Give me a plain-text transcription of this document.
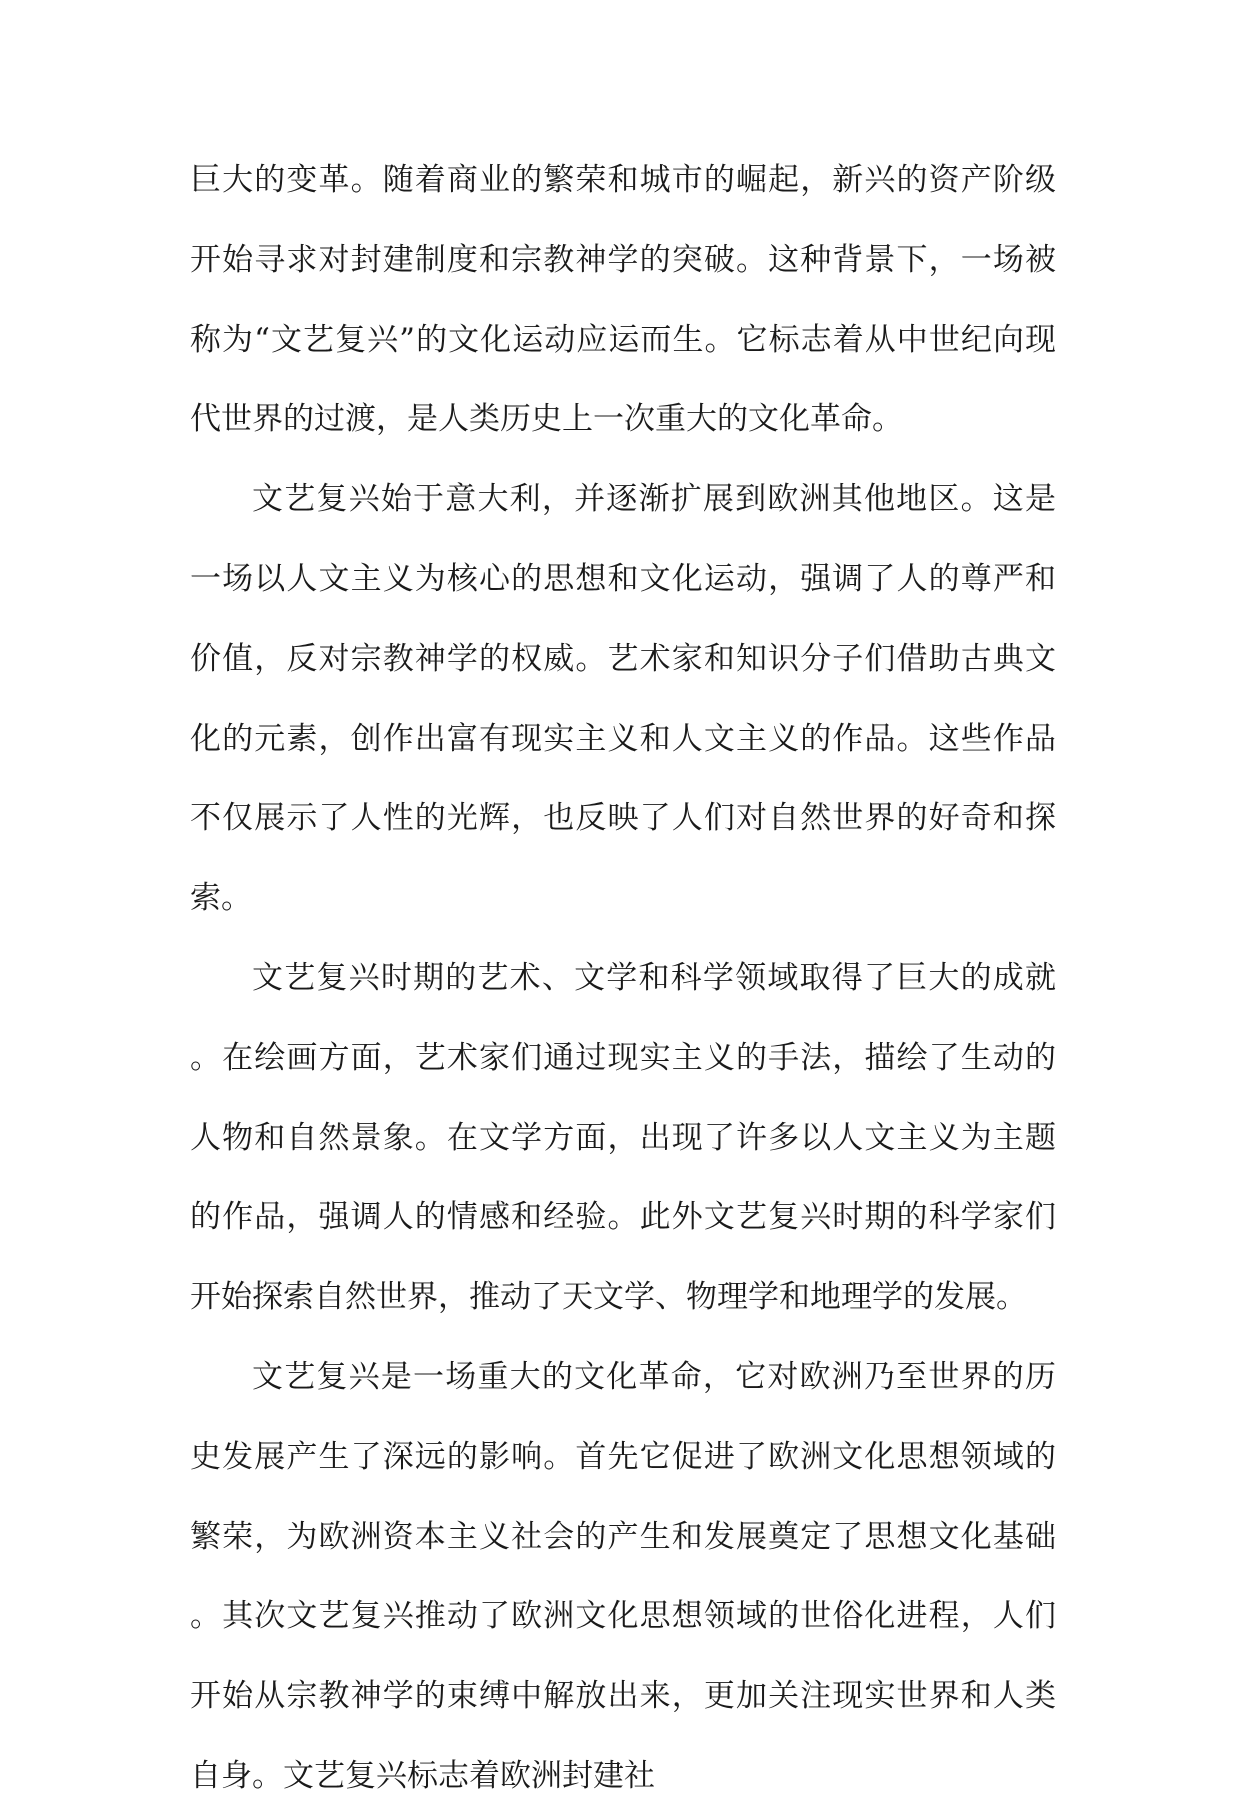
巨大的变革。随着商业的繁荣和城市的崛起，新兴的资产阶级开始寻求对封建制度和宗教神学的突破。这种背景下，一场被称为“文艺复兴”的文化运动应运而生。它标志着从中世纪向现代世界的过渡，是人类历史上一次重大的文化革命。

文艺复兴始于意大利，并逐渐扩展到欧洲其他地区。这是一场以人文主义为核心的思想和文化运动，强调了人的尊严和价值，反对宗教神学的权威。艺术家和知识分子们借助古典文化的元素，创作出富有现实主义和人文主义的作品。这些作品不仅展示了人性的光辉，也反映了人们对自然世界的好奇和探索。

文艺复兴时期的艺术、文学和科学领域取得了巨大的成就。在绘画方面，艺术家们通过现实主义的手法，描绘了生动的人物和自然景象。在文学方面，出现了许多以人文主义为主题的作品，强调人的情感和经验。此外文艺复兴时期的科学家们开始探索自然世界，推动了天文学、物理学和地理学的发展。

文艺复兴是一场重大的文化革命，它对欧洲乃至世界的历史发展产生了深远的影响。首先它促进了欧洲文化思想领域的繁荣，为欧洲资本主义社会的产生和发展奠定了思想文化基础。其次文艺复兴推动了欧洲文化思想领域的世俗化进程，人们开始从宗教神学的束缚中解放出来，更加关注现实世界和人类自身。文艺复兴标志着欧洲封建社
